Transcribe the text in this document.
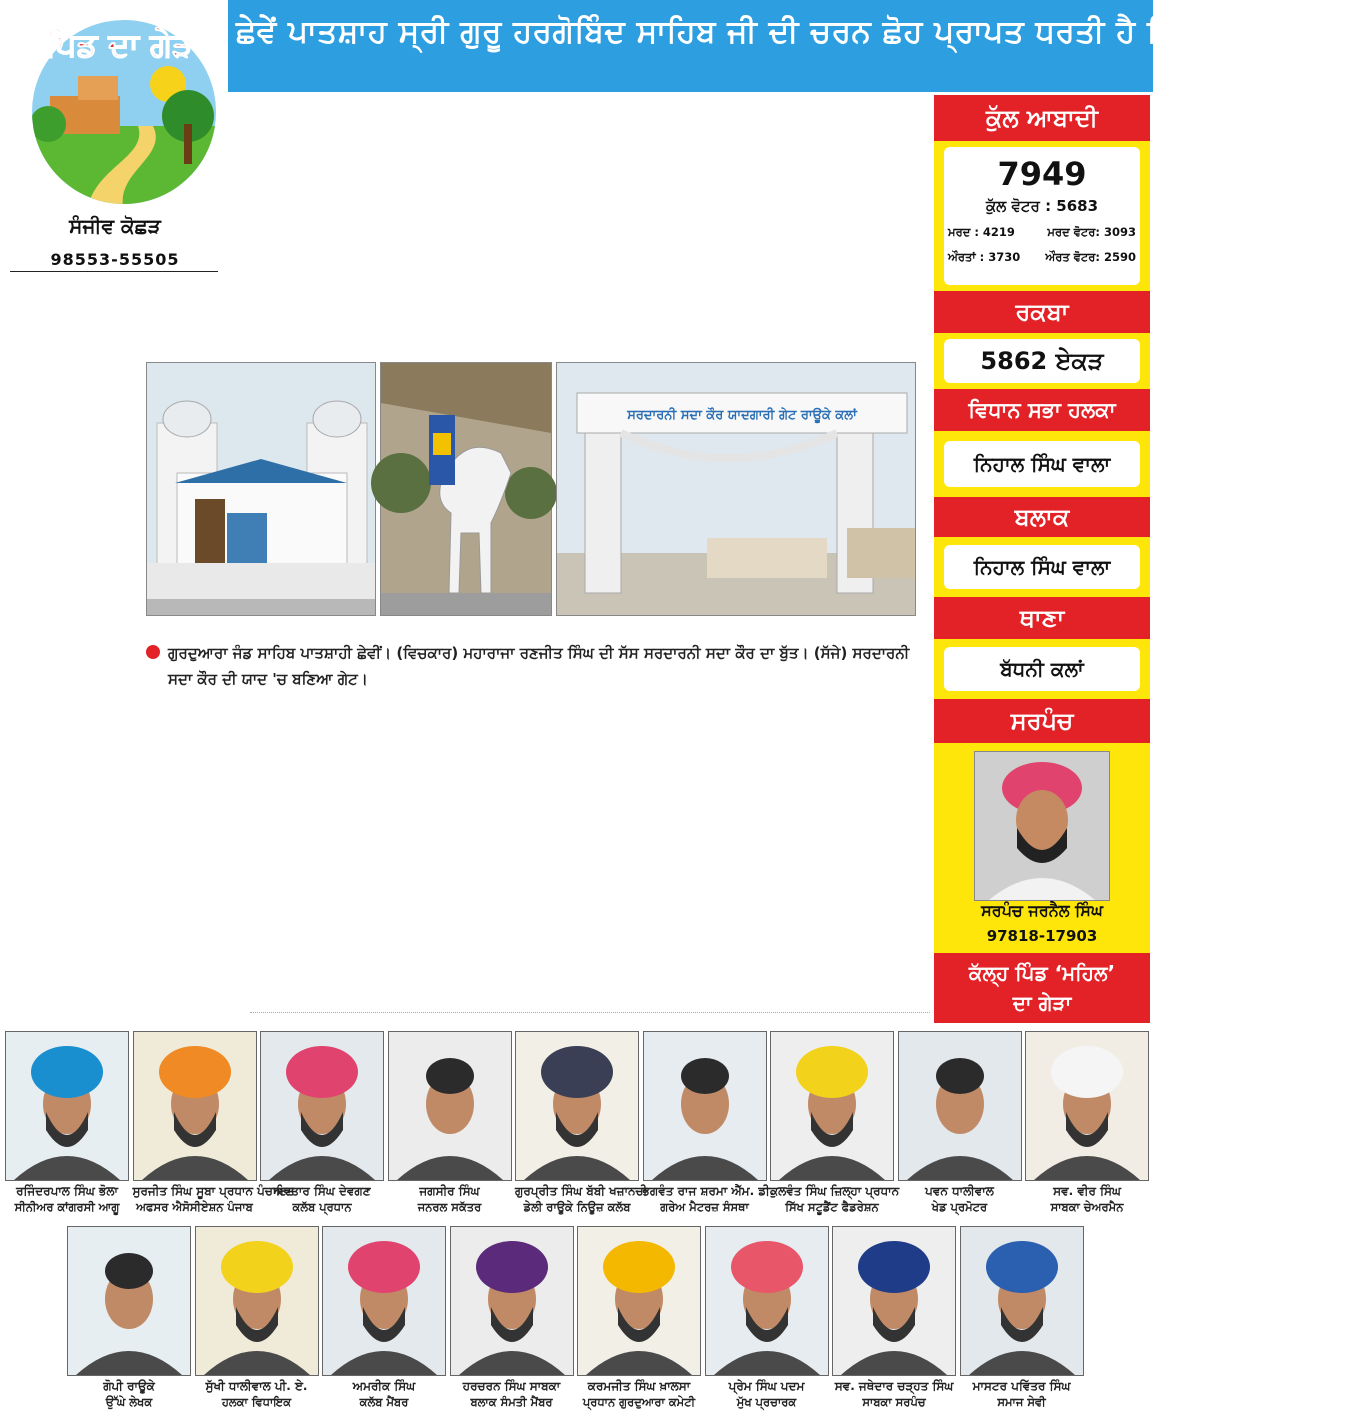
ਛੇਵੇਂ ਪਾਤਸ਼ਾਹ ਸ੍ਰੀ ਗੁਰੂ ਹਰਗੋਬਿੰਦ ਸਾਹਿਬ ਜੀ ਦੀ ਚਰਨ ਛੋਹ ਪ੍ਰਾਪਤ ਧਰਤੀ ਹੈ ਪਿੰਡ ਰਾਊਕੇ ਕਲਾਂ
ਪਿੰਡ ਦਾ ਗੇੜਾ
ਸੰਜੀਵ ਕੋਛੜ
98553-55505
ਕੁੱਲ ਆਬਾਦੀ
7949
ਕੁੱਲ ਵੋਟਰ : 5683
ਮਰਦ : 4219	ਮਰਦ ਵੋਟਰ: 3093
ਔਰਤਾਂ : 3730 ਔਰਤ ਵੋਟਰ: 2590
ਰਕਬਾ
5862 ਏਕੜ
ਵਿਧਾਨ ਸਭਾ ਹਲਕਾ
ਨਿਹਾਲ ਸਿੰਘ ਵਾਲਾ
ਬਲਾਕ
ਨਿਹਾਲ ਸਿੰਘ ਵਾਲਾ
ਥਾਣਾ
ਬੱਧਨੀ ਕਲਾਂ
ਸਰਪੰਚ
ਸਰਪੰਚ ਜਰਨੈਲ ਸਿੰਘ
97818-17903
ਕੱਲ੍ਹ ਪਿੰਡ ‘ਮਹਿਲ’
ਦਾ ਗੇੜਾ
ਸਰਦਾਰਨੀ ਸਦਾ ਕੌਰ ਯਾਦਗਾਰੀ ਗੇਟ ਰਾਊਕੇ ਕਲਾਂ
ਗੁਰਦੁਆਰਾ ਜੰਡ ਸਾਹਿਬ ਪਾਤਸ਼ਾਹੀ ਛੇਵੀਂ। (ਵਿਚਕਾਰ) ਮਹਾਰਾਜਾ ਰਣਜੀਤ ਸਿੰਘ ਦੀ ਸੱਸ ਸਰਦਾਰਨੀ ਸਦਾ ਕੌਰ ਦਾ ਬੁੱਤ। (ਸੱਜੇ) ਸਰਦਾਰਨੀ ਸਦਾ ਕੌਰ ਦੀ ਯਾਦ 'ਚ ਬਣਿਆ ਗੇਟ।
ਰਜਿੰਦਰਪਾਲ ਸਿੰਘ ਭੋਲਾ
ਸੀਨੀਅਰ ਕਾਂਗਰਸੀ ਆਗੂ
ਸੁਰਜੀਤ ਸਿੰਘ ਸੂਬਾ ਪ੍ਰਧਾਨ ਪੰਚਾਇਤ
ਅਫਸਰ ਐਸੋਸੀਏਸ਼ਨ ਪੰਜਾਬ
ਅਵਤਾਰ ਸਿੰਘ ਦੇਵਗਣ
ਕਲੱਬ ਪ੍ਰਧਾਨ
ਜਗਸੀਰ ਸਿੰਘ
ਜਨਰਲ ਸਕੱਤਰ
ਗੁਰਪ੍ਰੀਤ ਸਿੰਘ ਬੱਬੀ ਖਜ਼ਾਨਚੀ
ਡੇਲੀ ਰਾਊਕੇ ਨਿਊਜ਼ ਕਲੱਬ
ਭਗਵੰਤ ਰਾਜ ਸ਼ਰਮਾ ਐੱਮ. ਡੀ.
ਗਰੇਅ ਮੈਟਰਜ਼ ਸੰਸਥਾ
ਕੁਲਵੰਤ ਸਿੰਘ ਜ਼ਿਲ੍ਹਾ ਪ੍ਰਧਾਨ
ਸਿੱਖ ਸਟੂਡੈਂਟ ਫੈਡਰੇਸ਼ਨ
ਪਵਨ ਧਾਲੀਵਾਲ
ਖੇਡ ਪ੍ਰਮੋਟਰ
ਸਵ. ਵੀਰ ਸਿੰਘ
ਸਾਬਕਾ ਚੇਅਰਮੈਨ
ਗੋਪੀ ਰਾਊਕੇ
ਉੱਘੇ ਲੇਖਕ
ਸੁੱਖੀ ਧਾਲੀਵਾਲ ਪੀ. ਏ.
ਹਲਕਾ ਵਿਧਾਇਕ
ਅਮਰੀਕ ਸਿੰਘ
ਕਲੱਬ ਮੈਂਬਰ
ਹਰਚਰਨ ਸਿੰਘ ਸਾਬਕਾ
ਬਲਾਕ ਸੰਮਤੀ ਮੈਂਬਰ
ਕਰਮਜੀਤ ਸਿੰਘ ਖ਼ਾਲਸਾ
ਪ੍ਰਧਾਨ ਗੁਰਦੁਆਰਾ ਕਮੇਟੀ
ਪ੍ਰੇਮ ਸਿੰਘ ਪਦਮ
ਮੁੱਖ ਪ੍ਰਚਾਰਕ
ਸਵ. ਜਥੇਦਾਰ ਚੜ੍ਹਤ ਸਿੰਘ
ਸਾਬਕਾ ਸਰਪੰਚ
ਮਾਸਟਰ ਪਵਿੱਤਰ ਸਿੰਘ
ਸਮਾਜ ਸੇਵੀ
